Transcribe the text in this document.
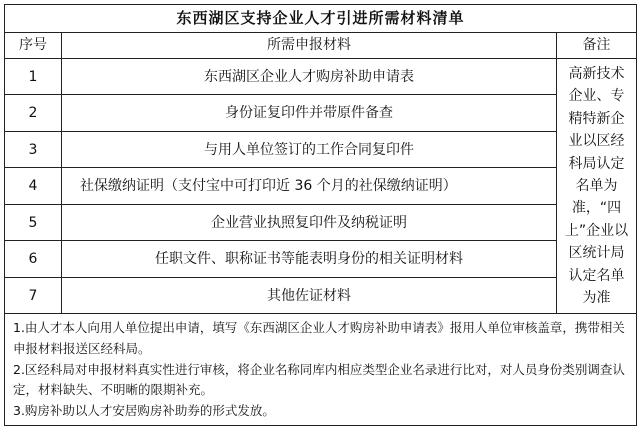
东西湖区支持企业人才引进所需材料清单		
序号	所需申报材料	备注
1	东西湖区企业人才购房补助申请表	高新技术企业、专精特新企业以区经科局认定名单为准，“四上”企业以区统计局认定名单为准
2	身份证复印件并带原件备查	
3	与用人单位签订的工作合同复印件	
4	社保缴纳证明（支付宝中可打印近 36 个月的社保缴纳证明）	
5	企业营业执照复印件及纳税证明	
6	任职文件、职称证书等能表明身份的相关证明材料	
7	其他佐证材料	

1.由人才本人向用人单位提出申请，填写《东西湖区企业人才购房补助申请表》报用人单位审核盖章，携带相关申报材料报送区经科局。

2.区经科局对申报材料真实性进行审核，将企业名称同库内相应类型企业名录进行比对，对人员身份类别调查认定，材料缺失、不明晰的限期补充。

3.购房补助以人才安居购房补助券的形式发放。		
